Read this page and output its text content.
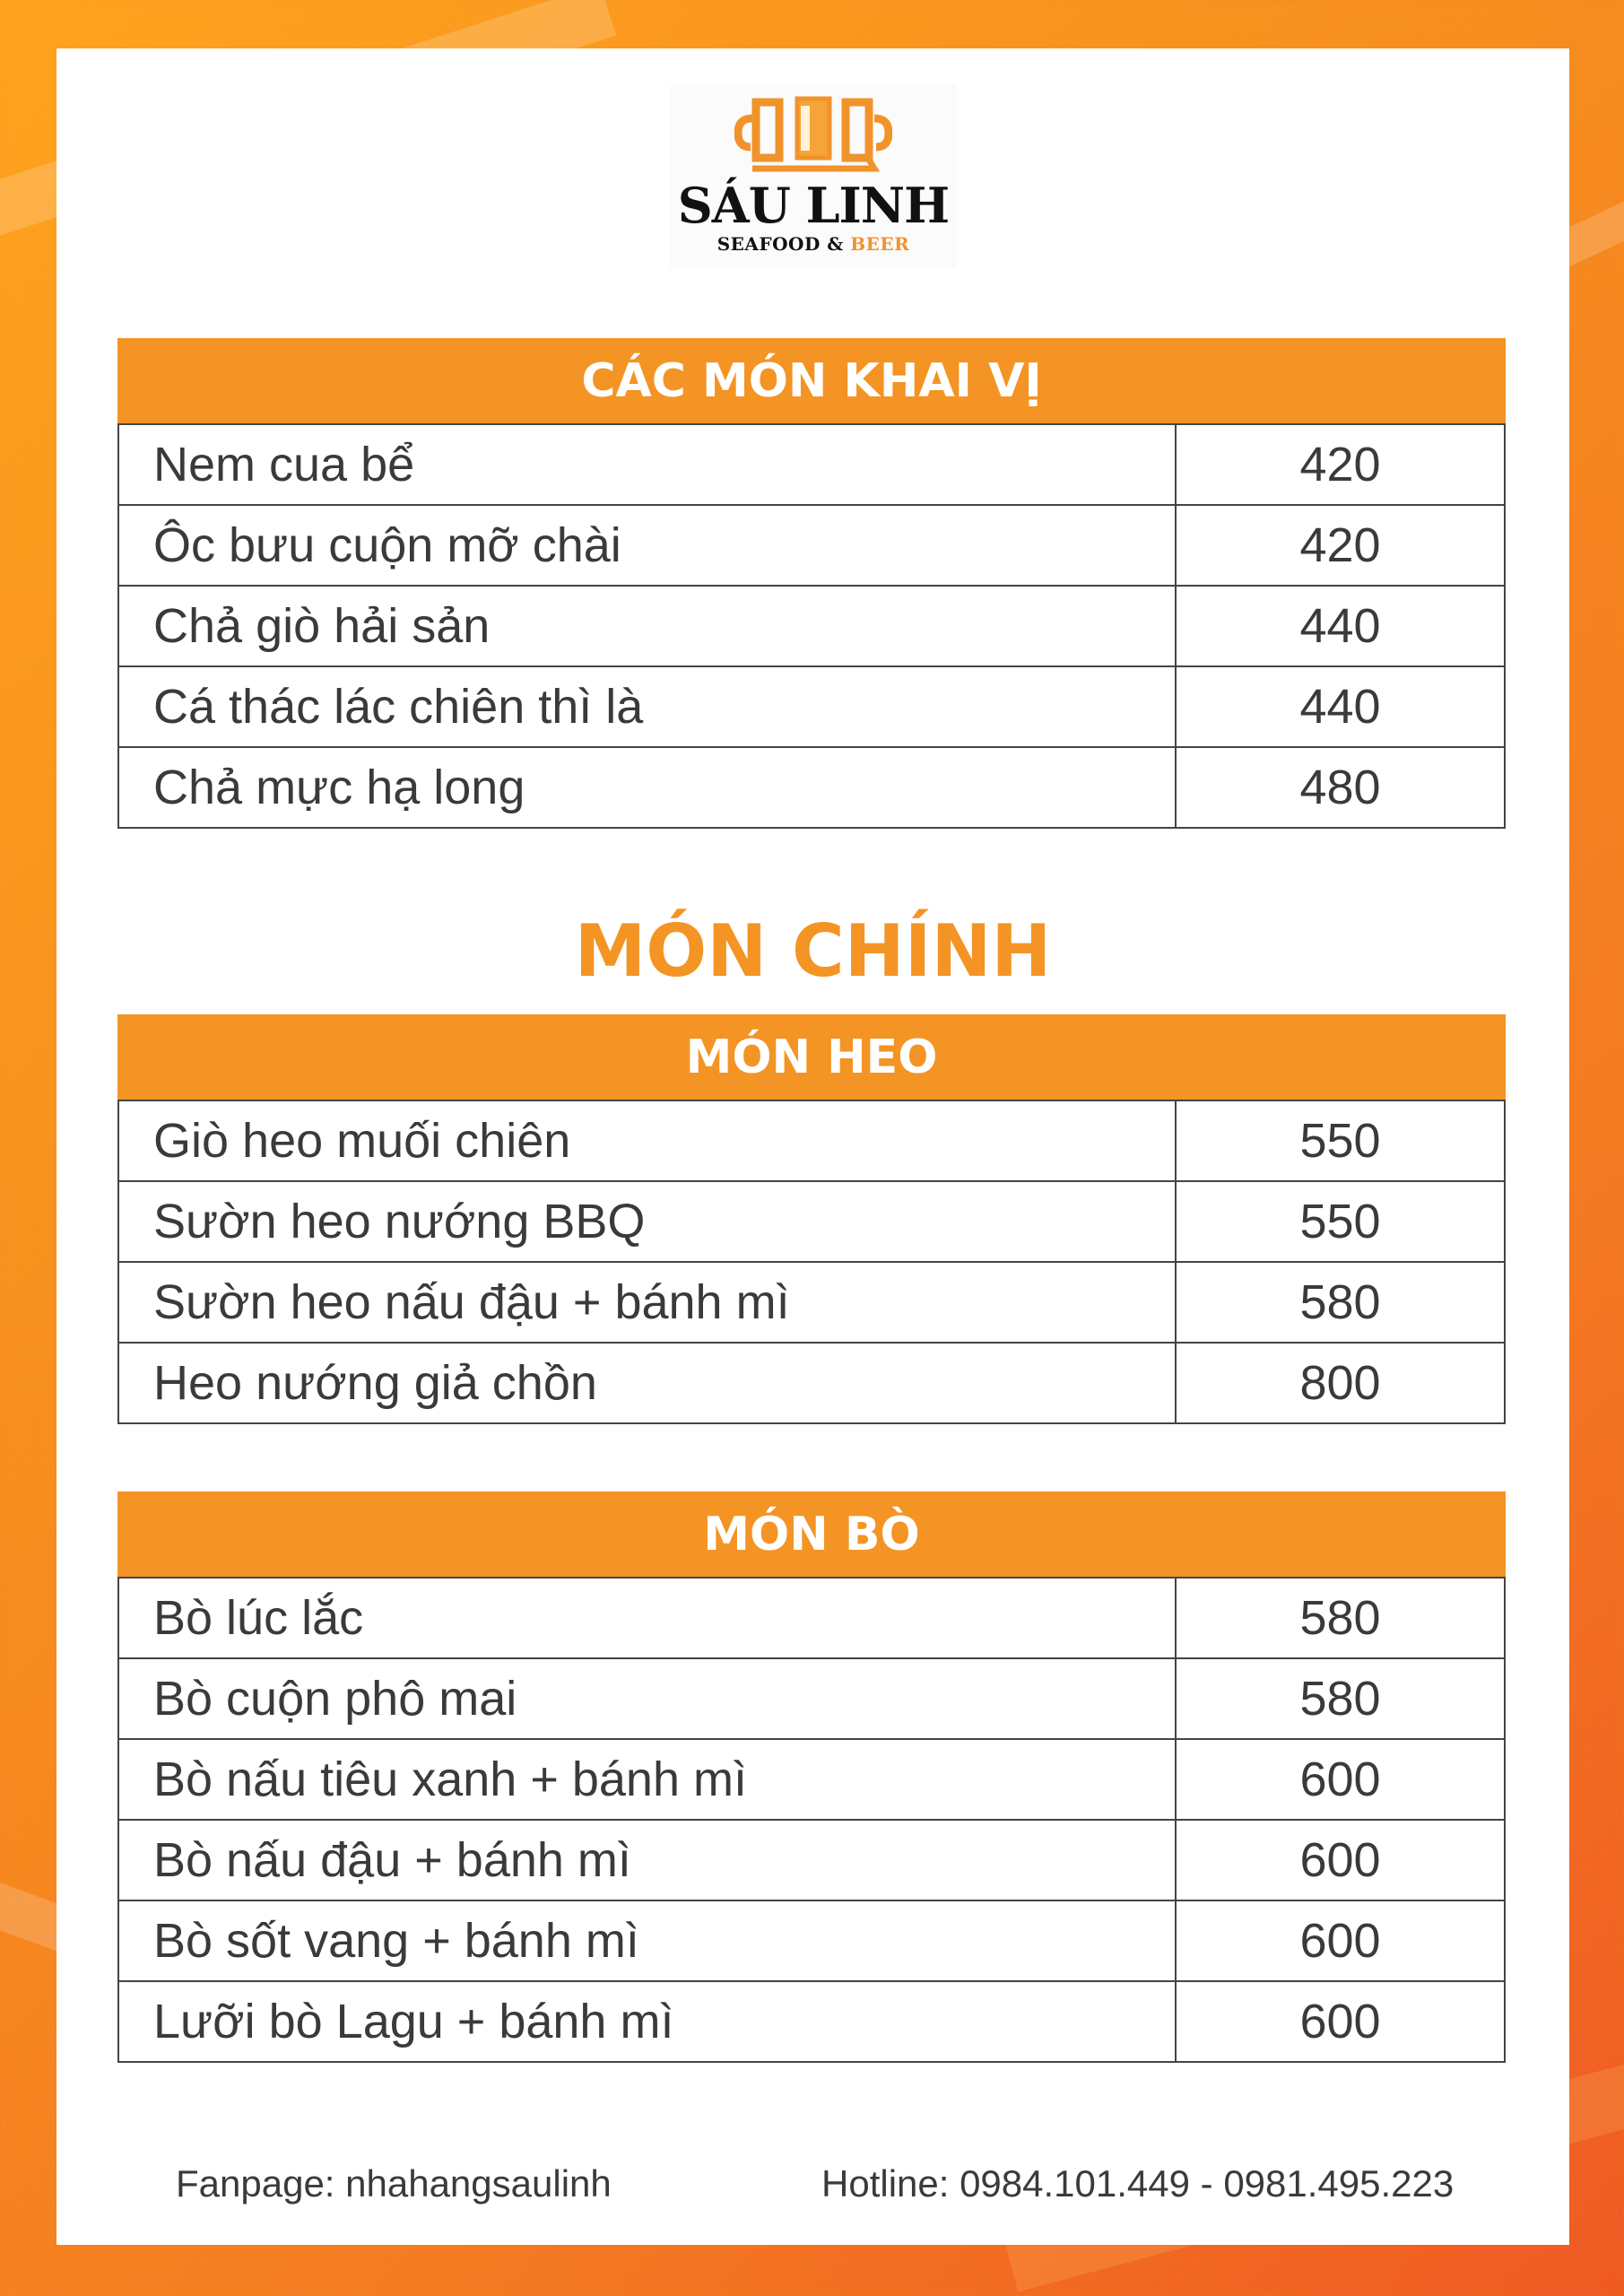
SÁU LINH
SEAFOOD & BEER
CÁC MÓN KHAI VỊ
Nem cua bể	420
Ôc bưu cuộn mỡ chài	420
Chả giò hải sản	440
Cá thác lác chiên thì là	440
Chả mực hạ long	480
MÓN CHÍNH
MÓN HEO
Giò heo muối chiên	550
Sườn heo nướng BBQ	550
Sườn heo nấu đậu + bánh mì	580
Heo nướng giả chồn	800
MÓN BÒ
Bò lúc lắc	580
Bò cuộn phô mai	580
Bò nấu tiêu xanh + bánh mì	600
Bò nấu đậu + bánh mì	600
Bò sốt vang + bánh mì	600
Lưỡi bò Lagu + bánh mì	600
Fanpage: nhahangsaulinh	Hotline: 0984.101.449 - 0981.495.223
